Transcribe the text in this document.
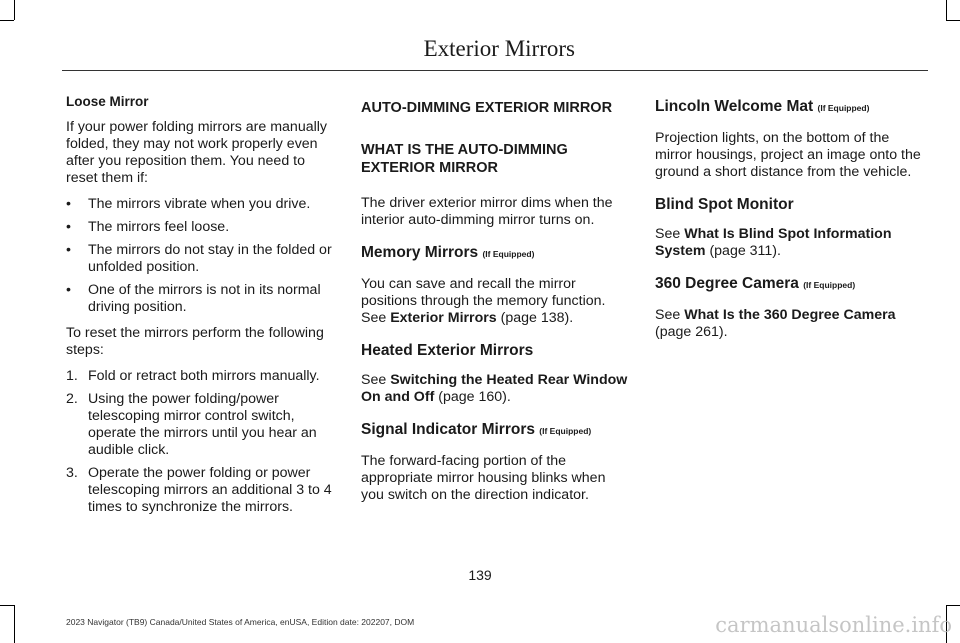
Exterior Mirrors

Loose Mirror

If your power folding mirrors are manually folded, they may not work properly even after you reposition them. You need to reset them if:

• The mirrors vibrate when you drive.
• The mirrors feel loose.
• The mirrors do not stay in the folded or unfolded position.
• One of the mirrors is not in its normal driving position.

To reset the mirrors perform the following steps:

1. Fold or retract both mirrors manually.
2. Using the power folding/power telescoping mirror control switch, operate the mirrors until you hear an audible click.
3. Operate the power folding or power telescoping mirrors an additional 3 to 4 times to synchronize the mirrors.

AUTO-DIMMING EXTERIOR MIRROR

WHAT IS THE AUTO-DIMMING EXTERIOR MIRROR

The driver exterior mirror dims when the interior auto-dimming mirror turns on.

Memory Mirrors (If Equipped)

You can save and recall the mirror positions through the memory function. See Exterior Mirrors (page 138).

Heated Exterior Mirrors

See Switching the Heated Rear Window On and Off (page 160).

Signal Indicator Mirrors (If Equipped)

The forward-facing portion of the appropriate mirror housing blinks when you switch on the direction indicator.

Lincoln Welcome Mat (If Equipped)

Projection lights, on the bottom of the mirror housings, project an image onto the ground a short distance from the vehicle.

Blind Spot Monitor

See What Is Blind Spot Information System (page 311).

360 Degree Camera (If Equipped)

See What Is the 360 Degree Camera (page 261).

139
2023 Navigator (TB9) Canada/United States of America, enUSA, Edition date: 202207, DOM	carmanualsonline.info
